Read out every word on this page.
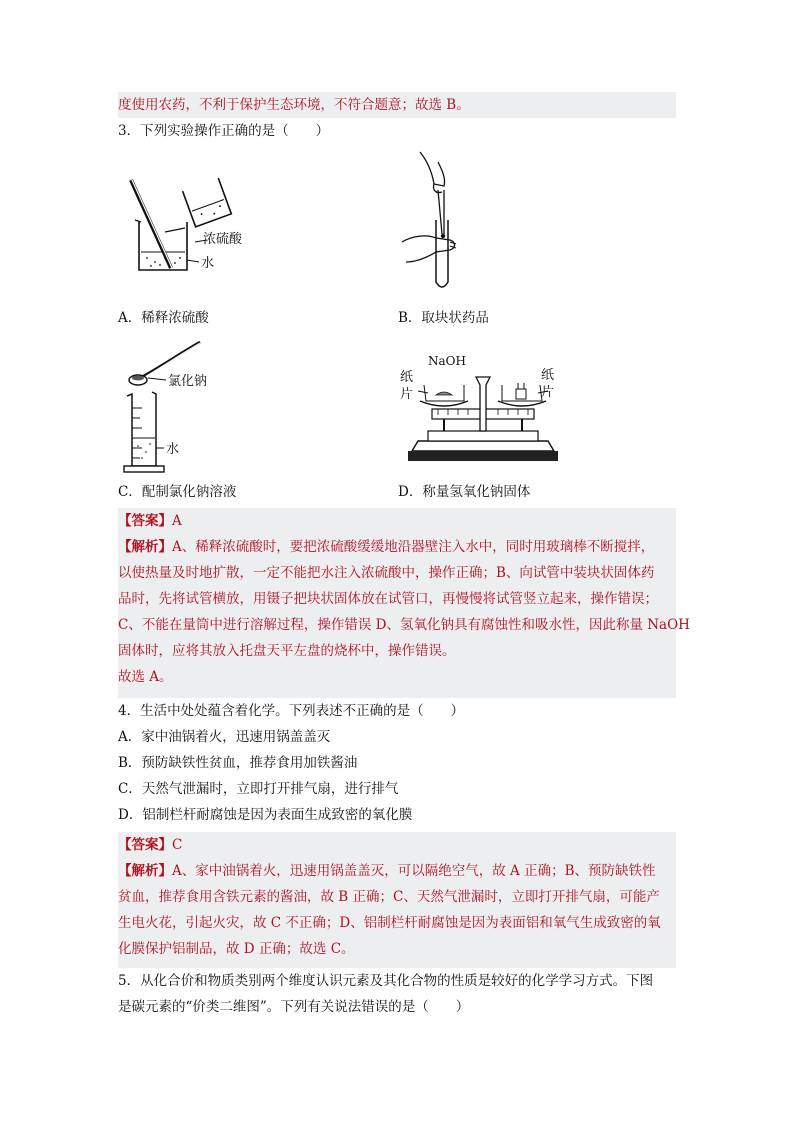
度使用农药，不利于保护生态环境，不符合题意；故选 B。
3．下列实验操作正确的是（　　）
浓硫酸
水
A．稀释浓硫酸	B．取块状药品
氯化钠
水
NaOH
纸片
纸片
C．配制氯化钠溶液	D．称量氢氧化钠固体
【答案】A
【解析】A、稀释浓硫酸时，要把浓硫酸缓缓地沿器壁注入水中，同时用玻璃棒不断搅拌，
以使热量及时地扩散，一定不能把水注入浓硫酸中，操作正确；B、向试管中装块状固体药
品时，先将试管横放，用镊子把块状固体放在试管口，再慢慢将试管竖立起来，操作错误；
C、不能在量筒中进行溶解过程，操作错误 D、氢氧化钠具有腐蚀性和吸水性，因此称量 NaOH
固体时，应将其放入托盘天平左盘的烧杯中，操作错误。
故选 A。
4．生活中处处蕴含着化学。下列表述不正确的是（　　）
A．家中油锅着火，迅速用锅盖盖灭
B．预防缺铁性贫血，推荐食用加铁酱油
C．天然气泄漏时，立即打开排气扇，进行排气
D．铝制栏杆耐腐蚀是因为表面生成致密的氧化膜
【答案】C
【解析】A、家中油锅着火，迅速用锅盖盖灭，可以隔绝空气，故 A 正确；B、预防缺铁性
贫血，推荐食用含铁元素的酱油，故 B 正确；C、天然气泄漏时，立即打开排气扇，可能产
生电火花，引起火灾，故 C 不正确；D、铝制栏杆耐腐蚀是因为表面铝和氧气生成致密的氧
化膜保护铝制品，故 D 正确；故选 C。
5．从化合价和物质类别两个维度认识元素及其化合物的性质是较好的化学学习方式。下图
是碳元素的“价类二维图”。下列有关说法错误的是（　　）
